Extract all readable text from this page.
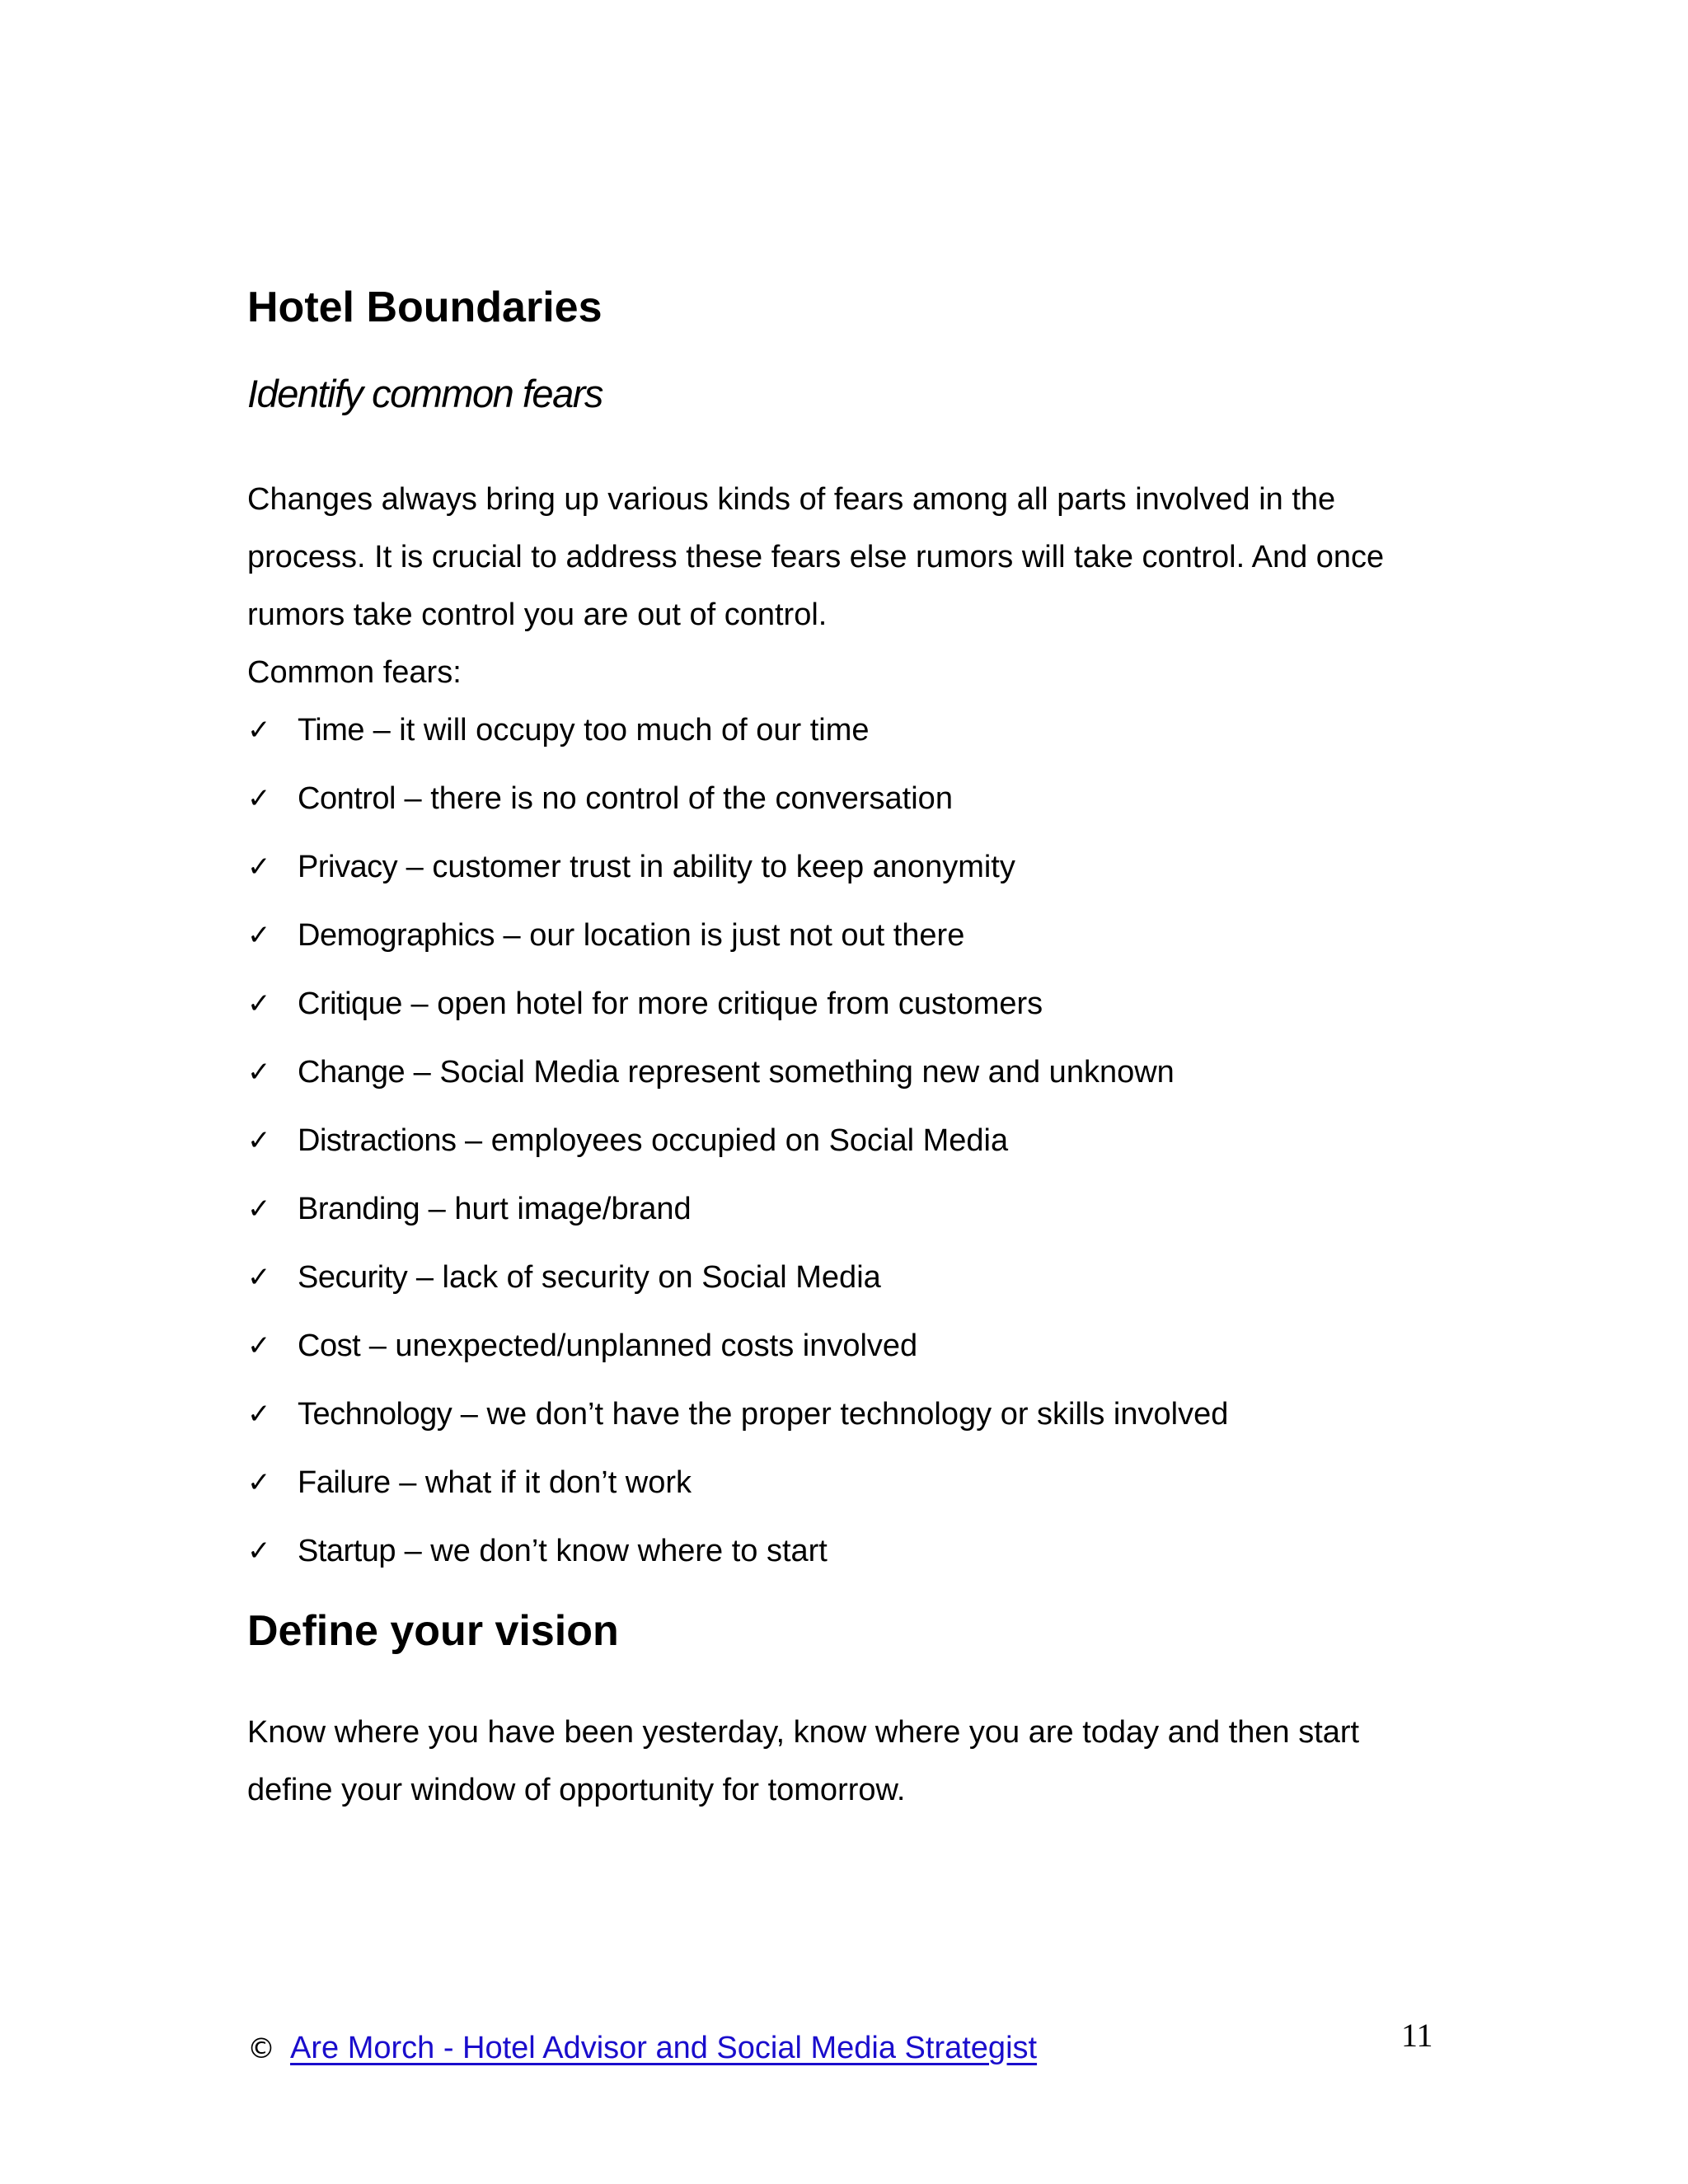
Hotel Boundaries
Identify common fears

Changes always bring up various kinds of fears among all parts involved in the process. It is crucial to address these fears else rumors will take control. And once rumors take control you are out of control.

Common fears:

✓ Time – it will occupy too much of our time
✓ Control – there is no control of the conversation
✓ Privacy – customer trust in ability to keep anonymity
✓ Demographics – our location is just not out there
✓ Critique – open hotel for more critique from customers
✓ Change – Social Media represent something new and unknown
✓ Distractions – employees occupied on Social Media
✓ Branding – hurt image/brand
✓ Security – lack of security on Social Media
✓ Cost – unexpected/unplanned costs involved
✓ Technology – we don’t have the proper technology or skills involved
✓ Failure – what if it don’t work
✓ Startup – we don’t know where to start
Define your vision

Know where you have been yesterday, know where you are today and then start define your window of opportunity for tomorrow.

© Are Morch - Hotel Advisor and Social Media Strategist	11
